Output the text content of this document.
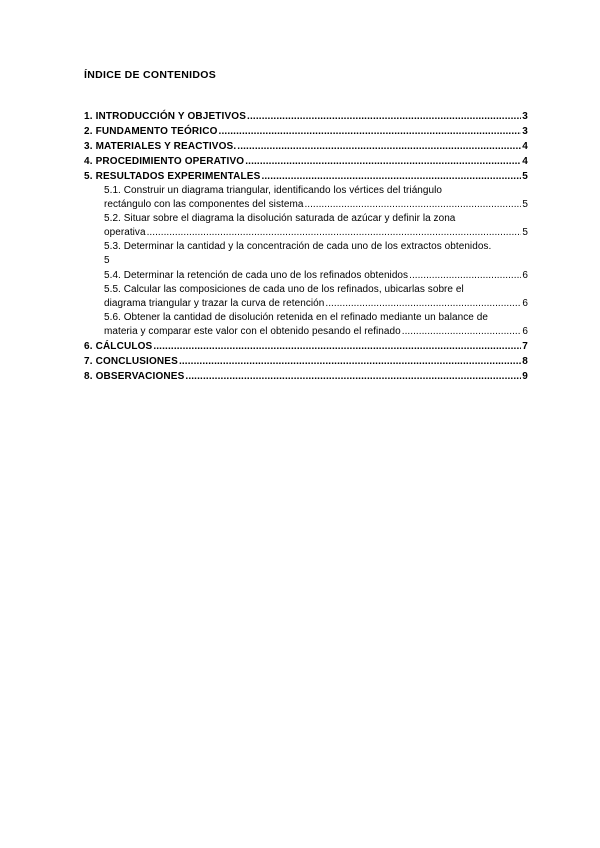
ÍNDICE DE CONTENIDOS
1. INTRODUCCIÓN Y OBJETIVOS .....	3
2. FUNDAMENTO TEÓRICO .....	3
3. MATERIALES Y REACTIVOS. .....	4
4. PROCEDIMIENTO OPERATIVO .....	4
5. RESULTADOS EXPERIMENTALES .....	5
5.1. Construir un diagrama triangular, identificando los vértices del triángulo
rectángulo con las componentes del sistema .....	5
5.2. Situar sobre el diagrama la disolución saturada de azúcar y definir la zona
operativa .....	5
5.3. Determinar la cantidad y la concentración de cada uno de los extractos obtenidos.
5
5.4. Determinar la retención de cada uno de los refinados obtenidos .....	6
5.5. Calcular las composiciones de cada uno de los refinados, ubicarlas sobre el
diagrama triangular y trazar la curva de retención .....	6
5.6. Obtener la cantidad de disolución retenida en el refinado mediante un balance de
materia y comparar este valor con el obtenido pesando el refinado .....	6
6. CÁLCULOS .....	7
7. CONCLUSIONES .....	8
8. OBSERVACIONES .....	9
